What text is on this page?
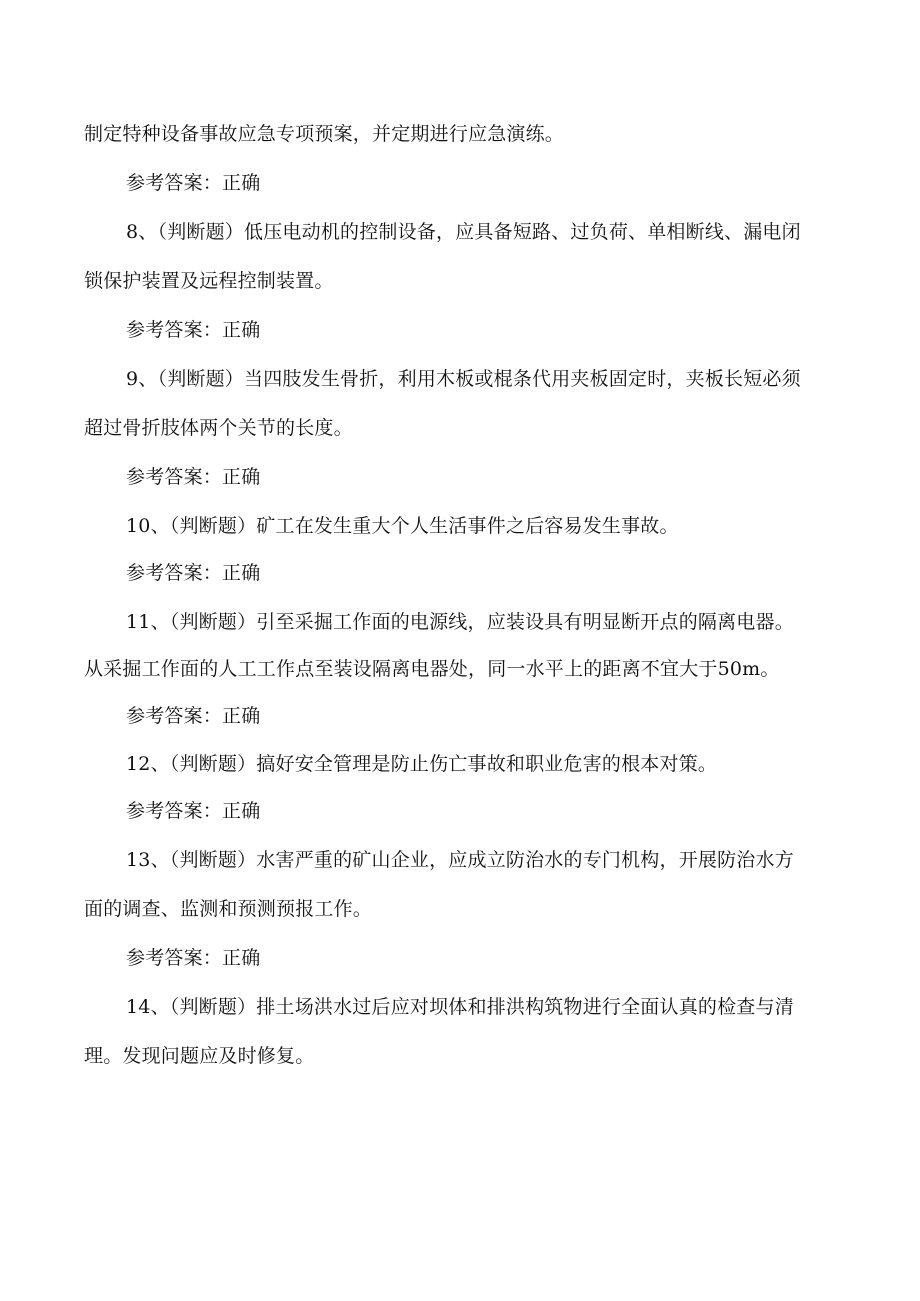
制定特种设备事故应急专项预案，并定期进行应急演练。
参考答案：正确
8、（判断题）低压电动机的控制设备，应具备短路、过负荷、单相断线、漏电闭
锁保护装置及远程控制装置。
参考答案：正确
9、（判断题）当四肢发生骨折，利用木板或棍条代用夹板固定时，夹板长短必须
超过骨折肢体两个关节的长度。
参考答案：正确
10、（判断题）矿工在发生重大个人生活事件之后容易发生事故。
参考答案：正确
11、（判断题）引至采掘工作面的电源线，应装设具有明显断开点的隔离电器。
从采掘工作面的人工工作点至装设隔离电器处，同一水平上的距离不宜大于50m。
参考答案：正确
12、（判断题）搞好安全管理是防止伤亡事故和职业危害的根本对策。
参考答案：正确
13、（判断题）水害严重的矿山企业，应成立防治水的专门机构，开展防治水方
面的调查、监测和预测预报工作。
参考答案：正确
14、（判断题）排土场洪水过后应对坝体和排洪构筑物进行全面认真的检查与清
理。发现问题应及时修复。
